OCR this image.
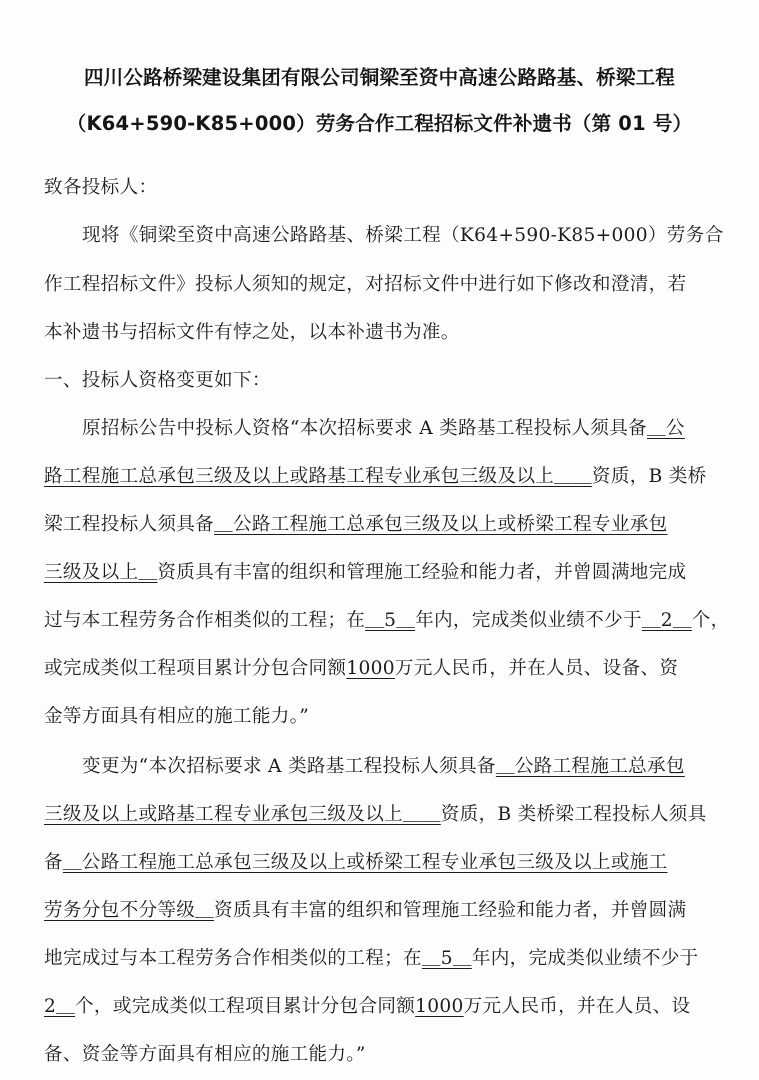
四川公路桥梁建设集团有限公司铜梁至资中高速公路路基、桥梁工程
（K64+590-K85+000）劳务合作工程招标文件补遗书（第 01 号）
致各投标人：
现将《铜梁至资中高速公路路基、桥梁工程（K64+590-K85+000）劳务合
作工程招标文件》投标人须知的规定，对招标文件中进行如下修改和澄清，若
本补遗书与招标文件有悖之处，以本补遗书为准。
一、投标人资格变更如下：
原招标公告中投标人资格“本次招标要求 A 类路基工程投标人须具备＿公
路工程施工总承包三级及以上或路基工程专业承包三级及以上＿＿资质，B 类桥
梁工程投标人须具备＿公路工程施工总承包三级及以上或桥梁工程专业承包
三级及以上＿资质具有丰富的组织和管理施工经验和能力者，并曾圆满地完成
过与本工程劳务合作相类似的工程；在＿5＿年内，完成类似业绩不少于＿2＿个，
或完成类似工程项目累计分包合同额1000万元人民币，并在人员、设备、资
金等方面具有相应的施工能力。”
变更为“本次招标要求 A 类路基工程投标人须具备＿公路工程施工总承包
三级及以上或路基工程专业承包三级及以上＿＿资质，B 类桥梁工程投标人须具
备＿公路工程施工总承包三级及以上或桥梁工程专业承包三级及以上或施工
劳务分包不分等级＿资质具有丰富的组织和管理施工经验和能力者，并曾圆满
地完成过与本工程劳务合作相类似的工程；在＿5＿年内，完成类似业绩不少于
2＿个，或完成类似工程项目累计分包合同额1000万元人民币，并在人员、设
备、资金等方面具有相应的施工能力。”
